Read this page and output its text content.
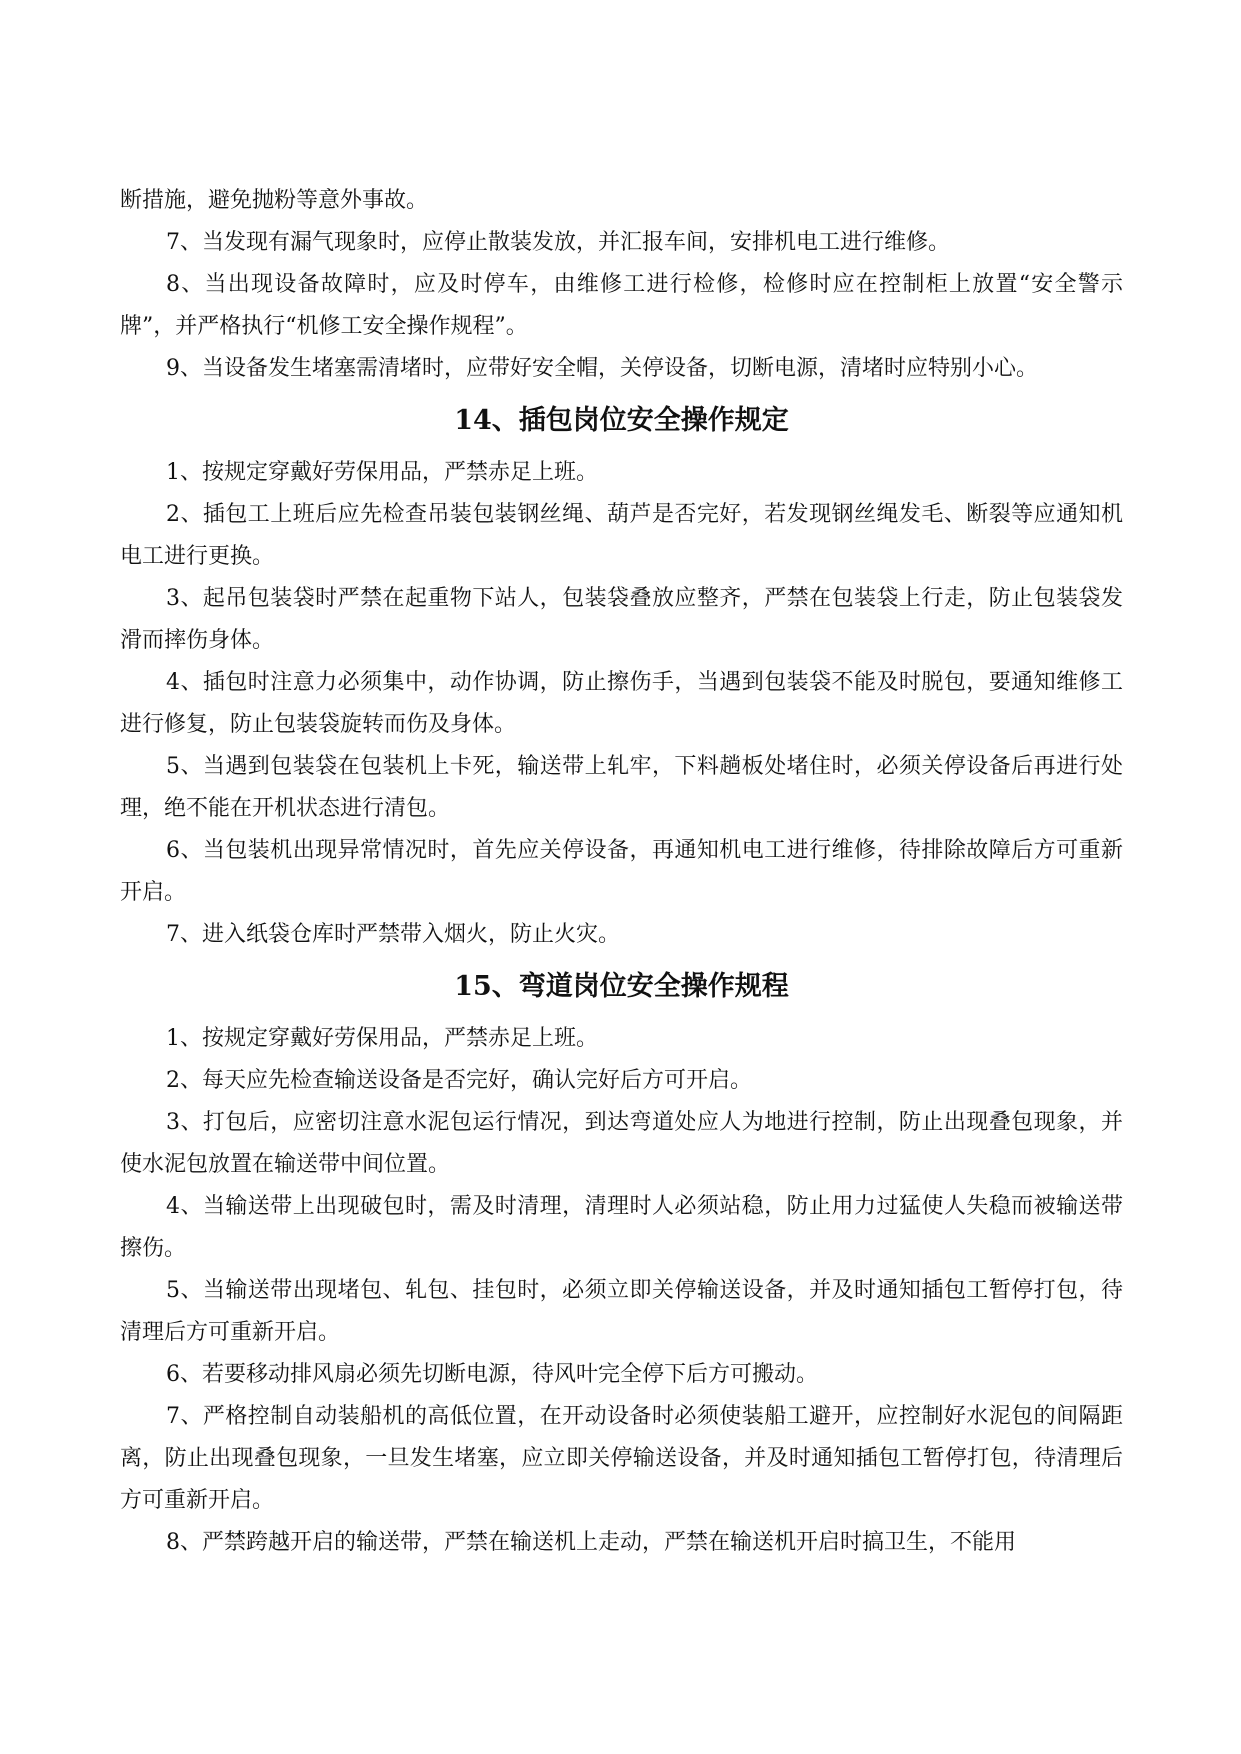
断措施，避免抛粉等意外事故。

7、当发现有漏气现象时，应停止散装发放，并汇报车间，安排机电工进行维修。

8、当出现设备故障时，应及时停车，由维修工进行检修，检修时应在控制柜上放置“安全警示牌”，并严格执行“机修工安全操作规程”。

9、当设备发生堵塞需清堵时，应带好安全帽，关停设备，切断电源，清堵时应特别小心。

14、插包岗位安全操作规定

1、按规定穿戴好劳保用品，严禁赤足上班。

2、插包工上班后应先检查吊装包装钢丝绳、葫芦是否完好，若发现钢丝绳发毛、断裂等应通知机电工进行更换。

3、起吊包装袋时严禁在起重物下站人，包装袋叠放应整齐，严禁在包装袋上行走，防止包装袋发滑而摔伤身体。

4、插包时注意力必须集中，动作协调，防止擦伤手，当遇到包装袋不能及时脱包，要通知维修工进行修复，防止包装袋旋转而伤及身体。

5、当遇到包装袋在包装机上卡死，输送带上轧牢，下料趟板处堵住时，必须关停设备后再进行处理，绝不能在开机状态进行清包。

6、当包装机出现异常情况时，首先应关停设备，再通知机电工进行维修，待排除故障后方可重新开启。

7、进入纸袋仓库时严禁带入烟火，防止火灾。

15、弯道岗位安全操作规程

1、按规定穿戴好劳保用品，严禁赤足上班。

2、每天应先检查输送设备是否完好，确认完好后方可开启。

3、打包后，应密切注意水泥包运行情况，到达弯道处应人为地进行控制，防止出现叠包现象，并使水泥包放置在输送带中间位置。

4、当输送带上出现破包时，需及时清理，清理时人必须站稳，防止用力过猛使人失稳而被输送带擦伤。

5、当输送带出现堵包、轧包、挂包时，必须立即关停输送设备，并及时通知插包工暂停打包，待清理后方可重新开启。

6、若要移动排风扇必须先切断电源，待风叶完全停下后方可搬动。

7、严格控制自动装船机的高低位置，在开动设备时必须使装船工避开，应控制好水泥包的间隔距离，防止出现叠包现象，一旦发生堵塞，应立即关停输送设备，并及时通知插包工暂停打包，待清理后方可重新开启。

8、严禁跨越开启的输送带，严禁在输送机上走动，严禁在输送机开启时搞卫生，不能用
